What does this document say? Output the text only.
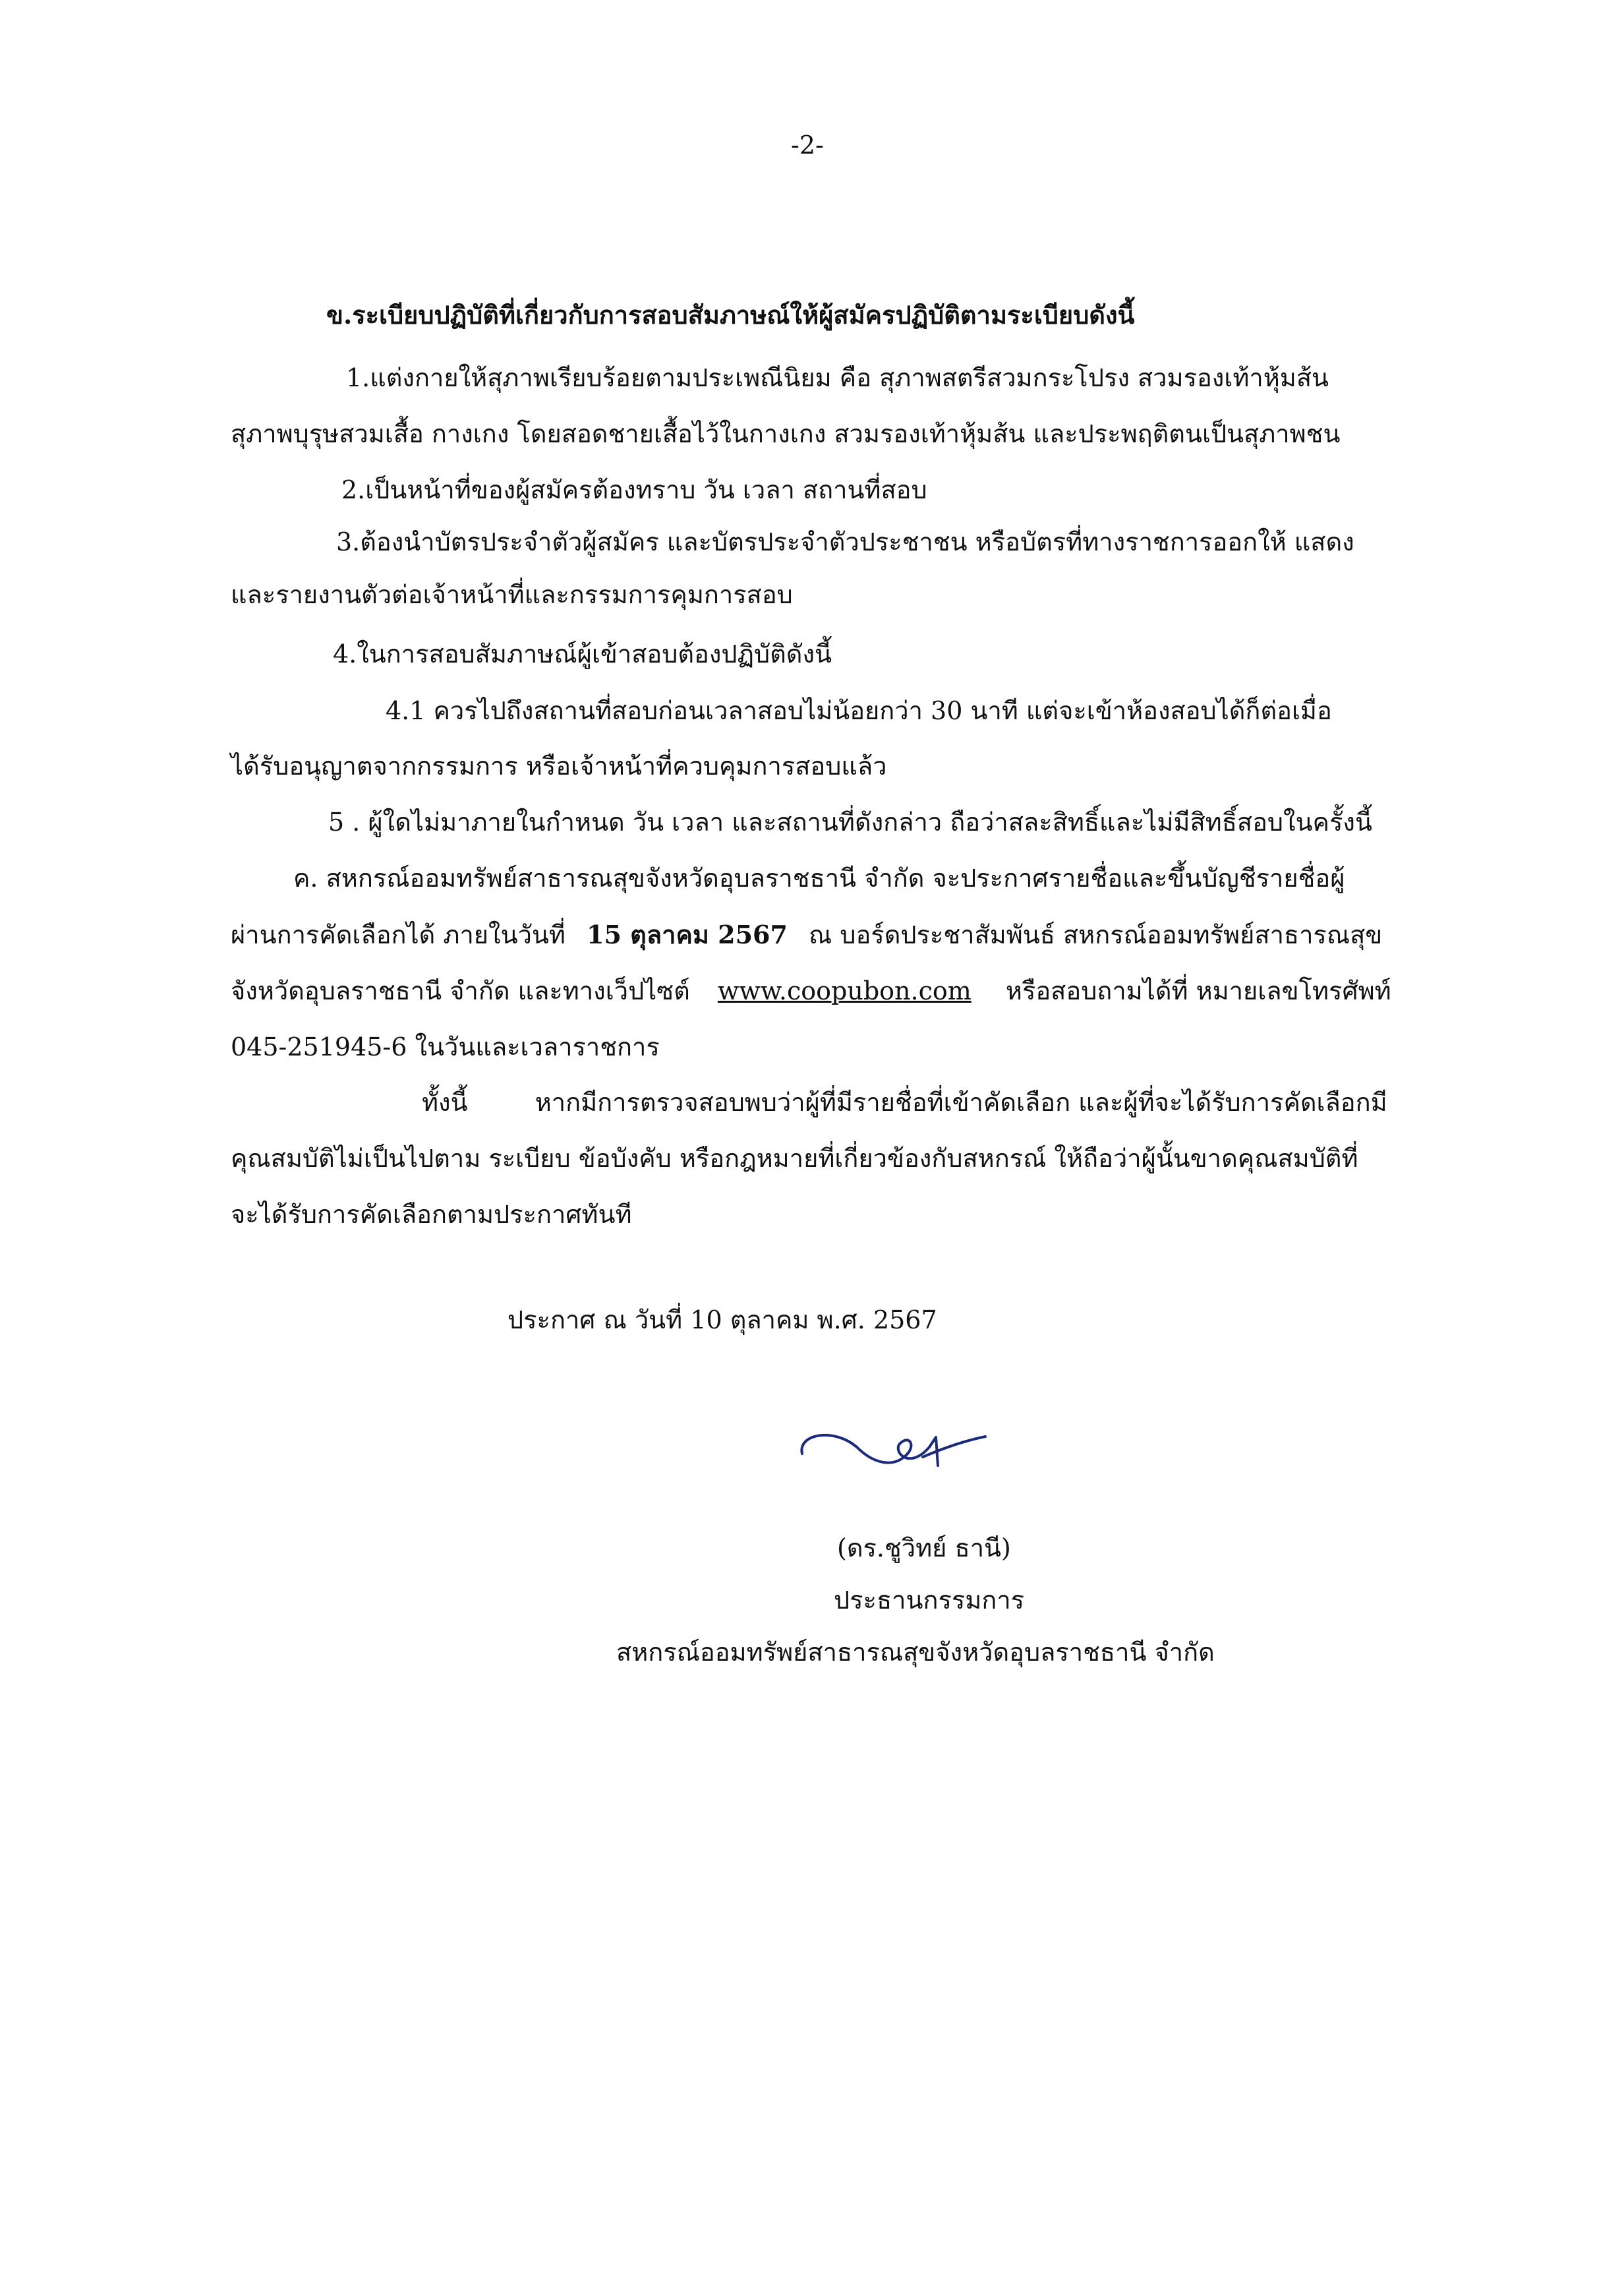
-2-
ข.ระเบียบปฏิบัติที่เกี่ยวกับการสอบสัมภาษณ์ให้ผู้สมัครปฏิบัติตามระเบียบดังนี้
1.แต่งกายให้สุภาพเรียบร้อยตามประเพณีนิยม คือ สุภาพสตรีสวมกระโปรง สวมรองเท้าหุ้มส้น
สุภาพบุรุษสวมเสื้อ กางเกง โดยสอดชายเสื้อไว้ในกางเกง สวมรองเท้าหุ้มส้น และประพฤติตนเป็นสุภาพชน
2.เป็นหน้าที่ของผู้สมัครต้องทราบ วัน เวลา สถานที่สอบ
3.ต้องนำบัตรประจำตัวผู้สมัคร และบัตรประจำตัวประชาชน หรือบัตรที่ทางราชการออกให้ แสดง
และรายงานตัวต่อเจ้าหน้าที่และกรรมการคุมการสอบ
4.ในการสอบสัมภาษณ์ผู้เข้าสอบต้องปฏิบัติดังนี้
4.1 ควรไปถึงสถานที่สอบก่อนเวลาสอบไม่น้อยกว่า 30 นาที แต่จะเข้าห้องสอบได้ก็ต่อเมื่อ
ได้รับอนุญาตจากกรรมการ หรือเจ้าหน้าที่ควบคุมการสอบแล้ว
5 . ผู้ใดไม่มาภายในกำหนด วัน เวลา และสถานที่ดังกล่าว ถือว่าสละสิทธิ์และไม่มีสิทธิ์สอบในครั้งนี้
ค. สหกรณ์ออมทรัพย์สาธารณสุขจังหวัดอุบลราชธานี จำกัด จะประกาศรายชื่อและขึ้นบัญชีรายชื่อผู้
ผ่านการคัดเลือกได้ ภายในวันที่ 15 ตุลาคม 2567 ณ บอร์ดประชาสัมพันธ์ สหกรณ์ออมทรัพย์สาธารณสุข
จังหวัดอุบลราชธานี จำกัด และทางเว็ปไซต์ www.coopubon.com หรือสอบถามได้ที่ หมายเลขโทรศัพท์
045-251945-6 ในวันและเวลาราชการ
ทั้งนี้	หากมีการตรวจสอบพบว่าผู้ที่มีรายชื่อที่เข้าคัดเลือก และผู้ที่จะได้รับการคัดเลือกมี
คุณสมบัติไม่เป็นไปตาม ระเบียบ ข้อบังคับ หรือกฎหมายที่เกี่ยวข้องกับสหกรณ์ ให้ถือว่าผู้นั้นขาดคุณสมบัติที่
จะได้รับการคัดเลือกตามประกาศทันที
ประกาศ ณ วันที่ 10 ตุลาคม พ.ศ. 2567
(ดร.ชูวิทย์ ธานี)
ประธานกรรมการ
สหกรณ์ออมทรัพย์สาธารณสุขจังหวัดอุบลราชธานี จำกัด
